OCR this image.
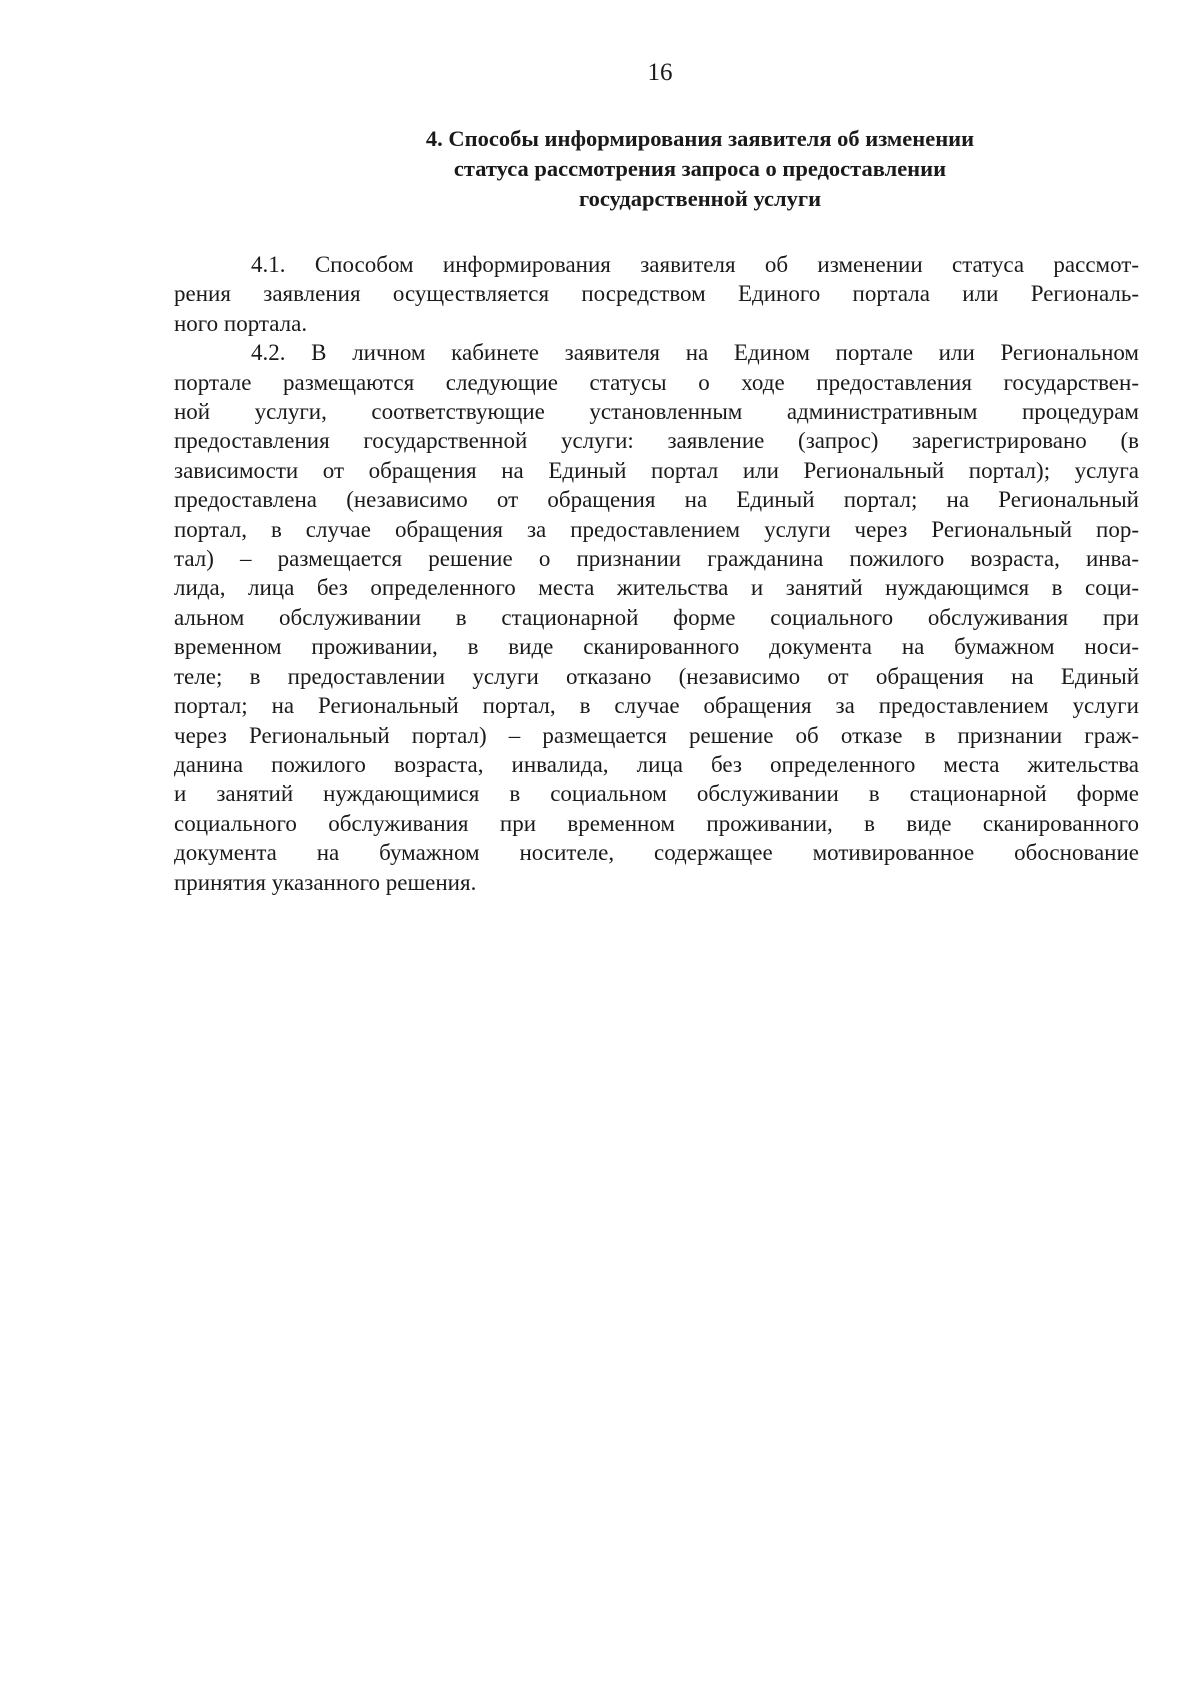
16
4. Способы информирования заявителя об изменении
статуса рассмотрения запроса о предоставлении
государственной услуги

4.1. Способом информирования заявителя об изменении статуса рассмот-
рения заявления осуществляется посредством Единого портала или Региональ-
ного портала.

4.2. В личном кабинете заявителя на Едином портале или Региональном
портале размещаются следующие статусы о ходе предоставления государствен-
ной услуги, соответствующие установленным административным процедурам
предоставления государственной услуги: заявление (запрос) зарегистрировано (в
зависимости от обращения на Единый портал или Региональный портал); услуга
предоставлена (независимо от обращения на Единый портал; на Региональный
портал, в случае обращения за предоставлением услуги через Региональный пор-
тал) – размещается решение о признании гражданина пожилого возраста, инва-
лида, лица без определенного места жительства и занятий нуждающимся в соци-
альном обслуживании в стационарной форме социального обслуживания при
временном проживании, в виде сканированного документа на бумажном носи-
теле; в предоставлении услуги отказано (независимо от обращения на Единый
портал; на Региональный портал, в случае обращения за предоставлением услуги
через Региональный портал) – размещается решение об отказе в признании граж-
данина пожилого возраста, инвалида, лица без определенного места жительства
и занятий нуждающимися в социальном обслуживании в стационарной форме
социального обслуживания при временном проживании, в виде сканированного
документа на бумажном носителе, содержащее мотивированное обоснование
принятия указанного решения.
